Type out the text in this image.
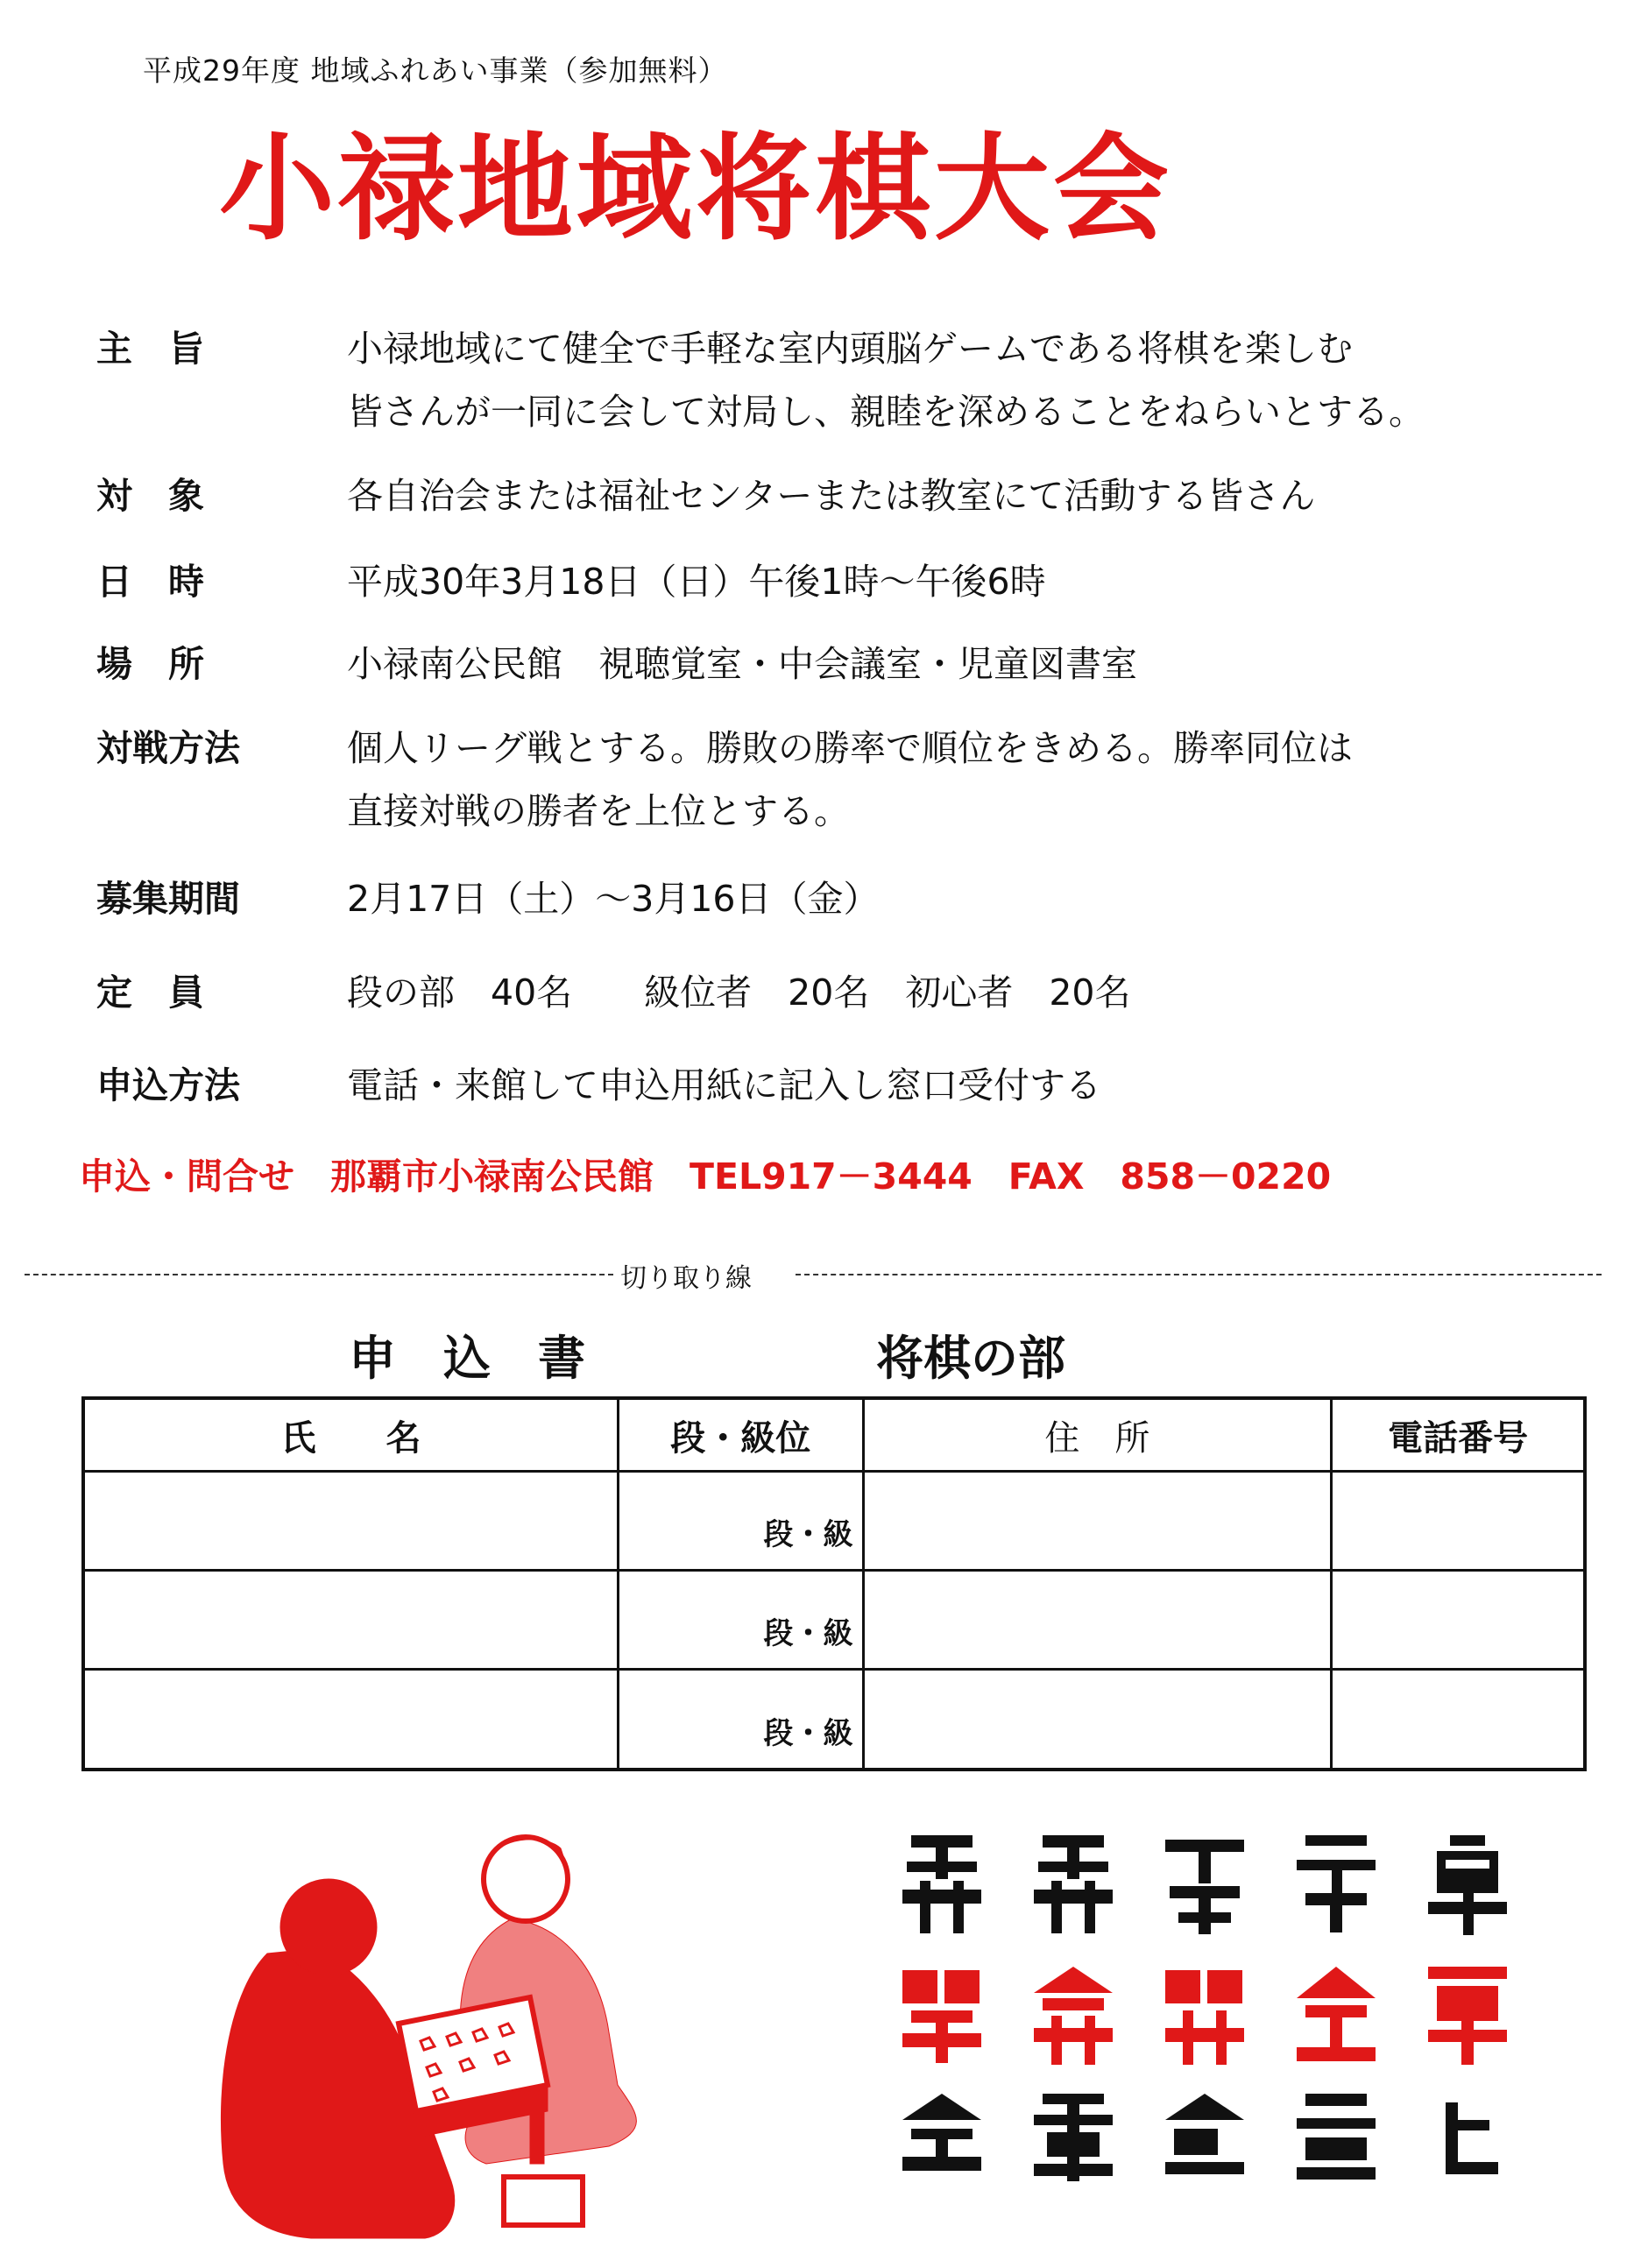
平成29年度 地域ふれあい事業（参加無料）
小禄地域将棋大会
主　旨	小禄地域にて健全で手軽な室内頭脳ゲームである将棋を楽しむ
皆さんが一同に会して対局し、親睦を深めることをねらいとする。
対　象	各自治会または福祉センターまたは教室にて活動する皆さん
日　時	平成30年3月18日（日）午後1時～午後6時
場　所	小禄南公民館　視聴覚室・中会議室・児童図書室
対戦方法	個人リーグ戦とする。勝敗の勝率で順位をきめる。勝率同位は
直接対戦の勝者を上位とする。
募集期間	2月17日（土）～3月16日（金）
定　員	段の部　40名　　級位者　20名　初心者　20名
申込方法	電話・来館して申込用紙に記入し窓口受付する
申込・問合せ　那覇市小禄南公民館　TEL917－3444　FAX　858－0220
切り取り線
申　込　書	将棋の部
氏　　名	段・級位	住　所	電話番号
	段・級		
	段・級		
	段・級		
